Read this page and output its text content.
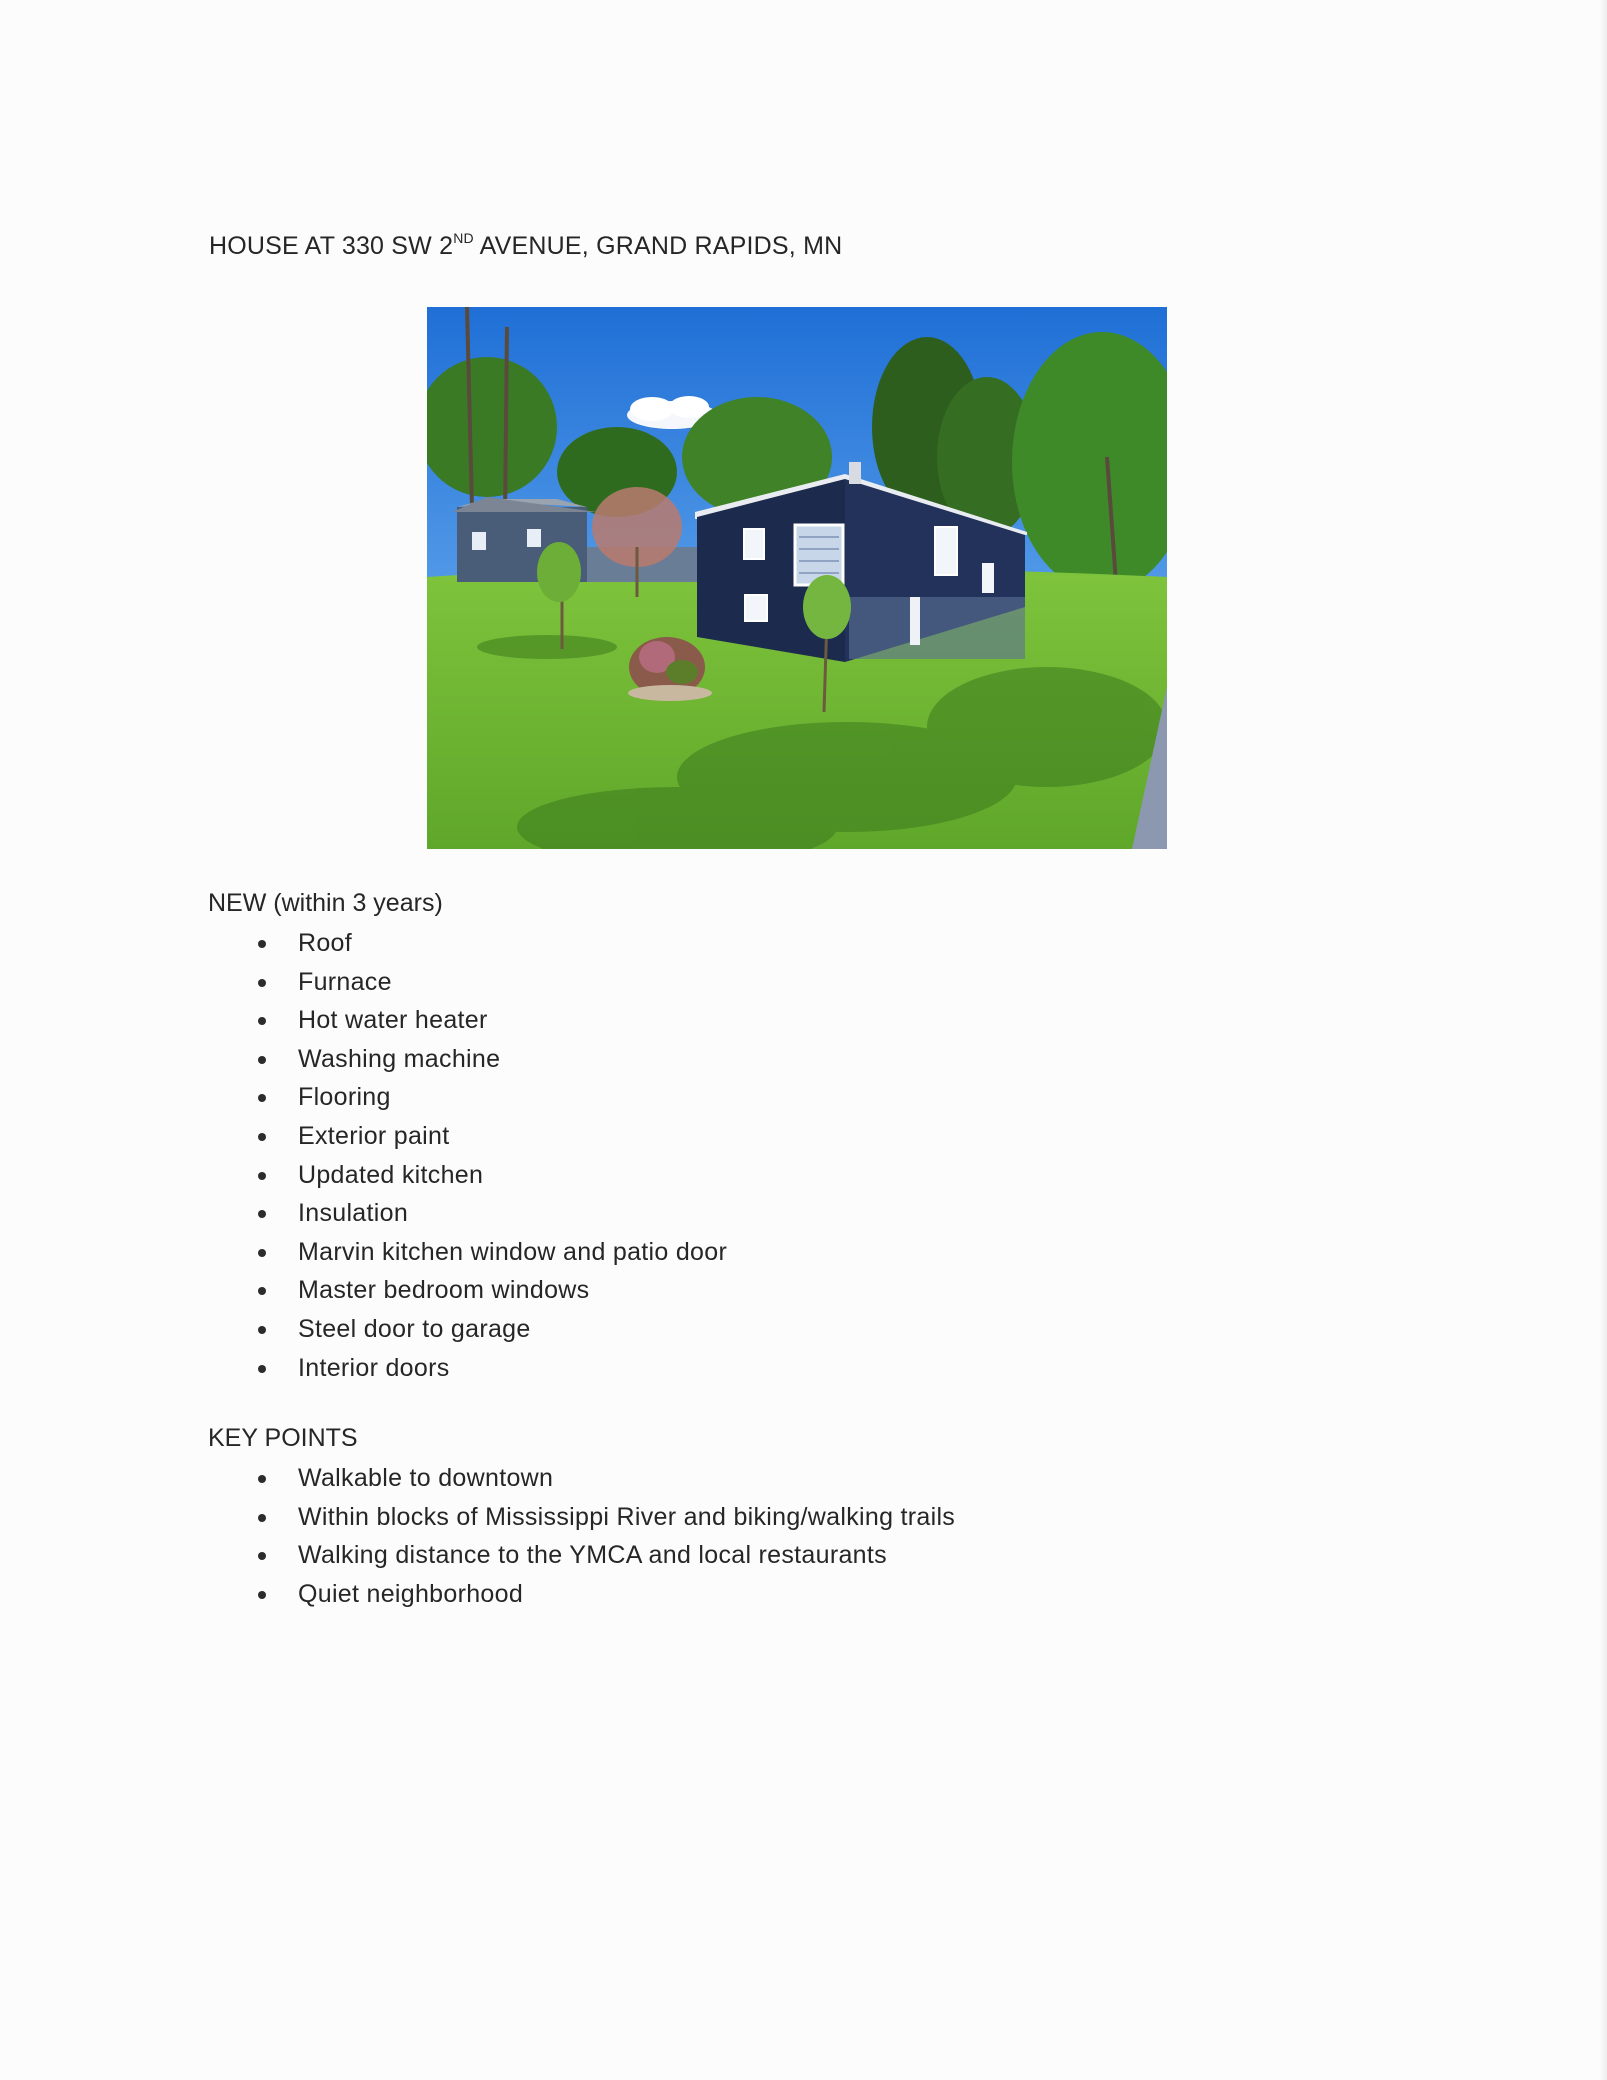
HOUSE AT 330 SW 2ND AVENUE, GRAND RAPIDS, MN
NEW (within 3 years)
Roof
Furnace
Hot water heater
Washing machine
Flooring
Exterior paint
Updated kitchen
Insulation
Marvin kitchen window and patio door
Master bedroom windows
Steel door to garage
Interior doors
KEY POINTS
Walkable to downtown
Within blocks of Mississippi River and biking/walking trails
Walking distance to the YMCA and local restaurants
Quiet neighborhood
